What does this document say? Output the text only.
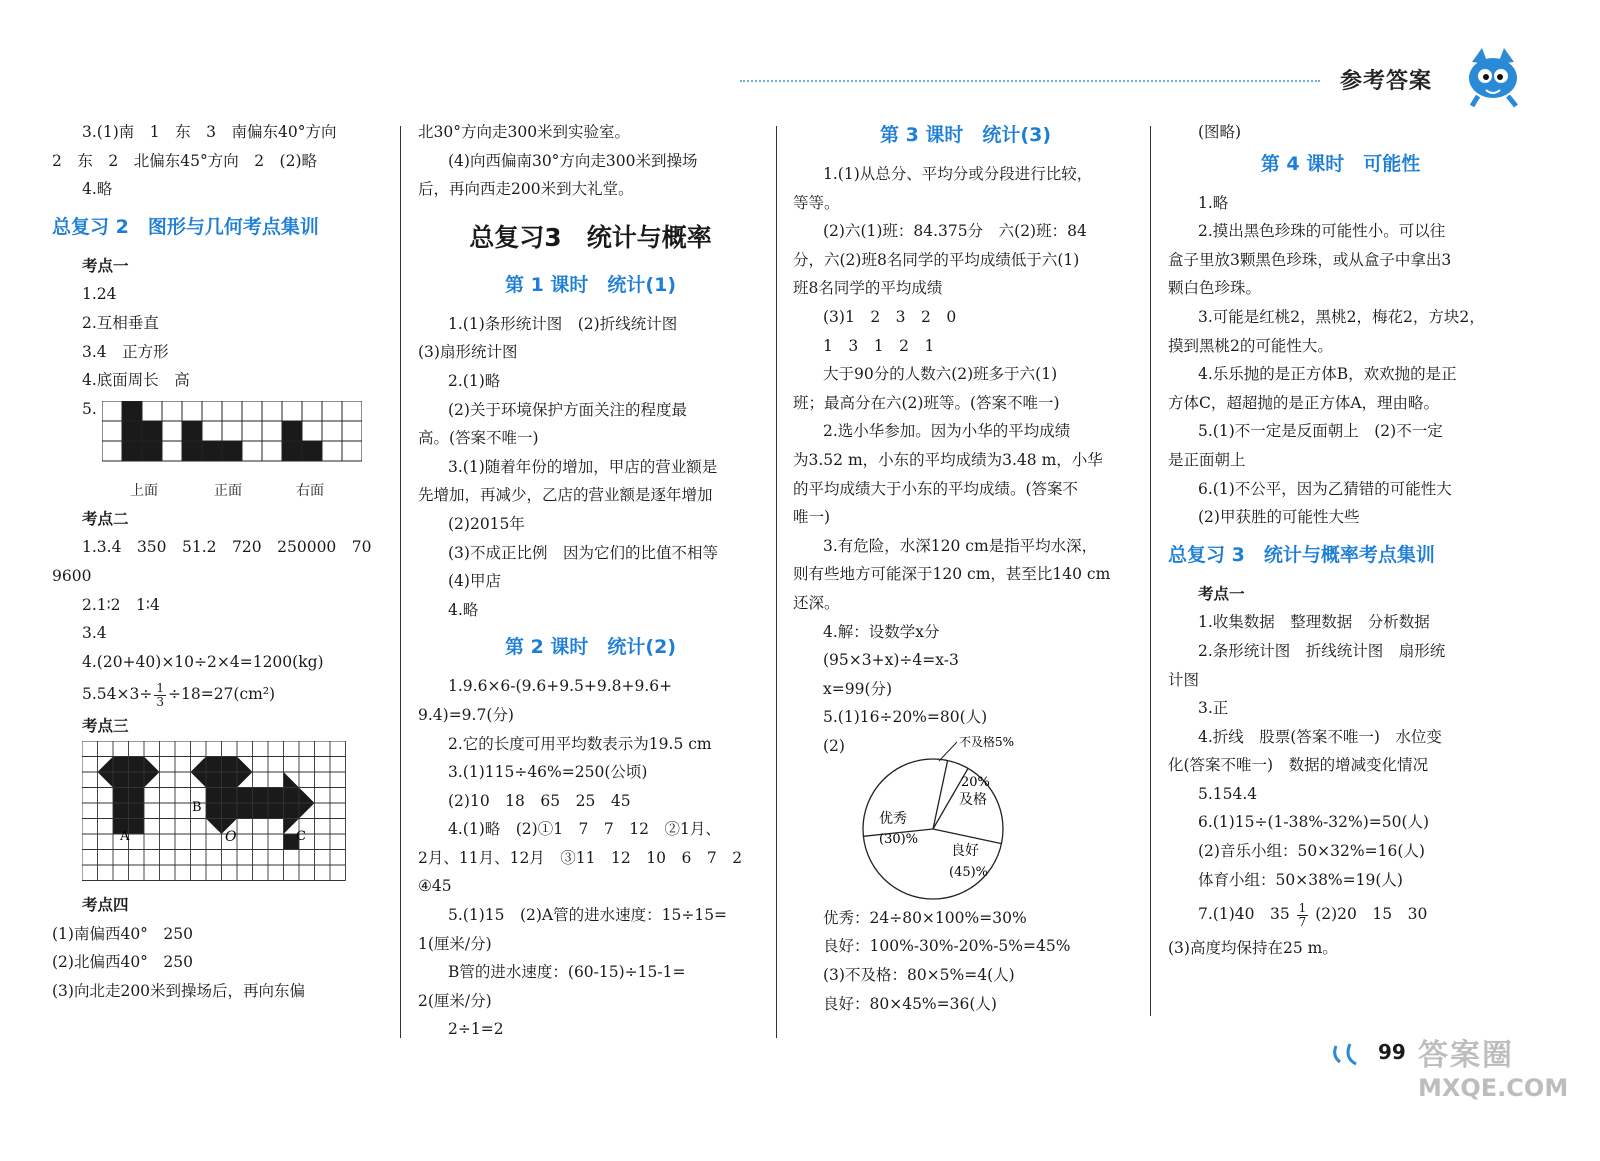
参考答案
3.(1)南　1　东　3　南偏东40°方向
2　东　2　北偏东45°方向　2　(2)略
4.略
总复习 2　图形与几何考点集训
考点一
1.24
2.互相垂直
3.4　正方形
4.底面周长　高
5.
上面	正面	右面
考点二
1.3.4　350　51.2　720　250000　70
9600
2.1∶2　1∶4
3.4
4.(20+40)×10÷2×4=1200(kg)
$5.54\times 3\div \frac{1}{3} \div 18=27(cm^2)$
考点三
A
B
O	C
考点四
(1)南偏西40°　250
(2)北偏西40°　250
(3)向北走200米到操场后，再向东偏
北30°方向走300米到实验室。
(4)向西偏南30°方向走300米到操场
后，再向西走200米到大礼堂。
总复习3　统计与概率
第 1 课时　统计(1)
1.(1)条形统计图　(2)折线统计图
(3)扇形统计图
2.(1)略
(2)关于环境保护方面关注的程度最
高。(答案不唯一)
3.(1)随着年份的增加，甲店的营业额是
先增加，再减少，乙店的营业额是逐年增加
(2)2015年
(3)不成正比例　因为它们的比值不相等
(4)甲店
4.略
第 2 课时　统计(2)
1.9.6×6-(9.6+9.5+9.8+9.6+
9.4)=9.7(分)
2.它的长度可用平均数表示为19.5 cm
3.(1)115÷46%=250(公顷)
(2)10　18　65　25　45
4.(1)略　(2)①1　7　7　12　②1月、
2月、11月、12月　③11　12　10　6　7　2
④45
5.(1)15　(2)A管的进水速度：15÷15=
1(厘米/分)
B管的进水速度：(60-15)÷15-1=
2(厘米/分)
2÷1=2
第 3 课时　统计(3)
1.(1)从总分、平均分或分段进行比较，
等等。
(2)六(1)班：84.375分　六(2)班：84
分，六(2)班8名同学的平均成绩低于六(1)
班8名同学的平均成绩
(3)1　2　3　2　0
1　3　1　2　1
大于90分的人数六(2)班多于六(1)
班；最高分在六(2)班等。(答案不唯一)
2.选小华参加。因为小华的平均成绩
为3.52 m，小东的平均成绩为3.48 m，小华
的平均成绩大于小东的平均成绩。(答案不
唯一)
3.有危险，水深120 cm是指平均水深，
则有些地方可能深于120 cm，甚至比140 cm
还深。
4.解：设数学x分
(95×3+x)÷4=x-3
x=99(分)
5.(1)16÷20%=80(人)
(2)	不及格5%
20%
及格
良好
(45)%
优秀
(30)%
优秀：24÷80×100%=30%
良好：100%-30%-20%-5%=45%
(3)不及格：80×5%=4(人)
良好：80×45%=36(人)
(图略)
第 4 课时　可能性
1.略
2.摸出黑色珍珠的可能性小。可以往
盒子里放3颗黑色珍珠，或从盒子中拿出3
颗白色珍珠。
3.可能是红桃2，黑桃2，梅花2，方块2，
摸到黑桃2的可能性大。
4.乐乐抛的是正方体B，欢欢抛的是正
方体C，超超抛的是正方体A，理由略。
5.(1)不一定是反面朝上　(2)不一定
是正面朝上
6.(1)不公平，因为乙猜错的可能性大
(2)甲获胜的可能性大些
总复习 3　统计与概率考点集训
考点一
1.收集数据　整理数据　分析数据
2.条形统计图　折线统计图　扇形统
计图
3.正
4.折线　股票(答案不唯一)　水位变
化(答案不唯一)　数据的增减变化情况
5.154.4
6.(1)15÷(1-38%-32%)=50(人)
(2)音乐小组：50×32%=16(人)
体育小组：50×38%=19(人)
7.(1)40　$35 \frac{1}{7} (2)20$　15　30
(3)高度均保持在25 m。
99 答案圈
MXQE.COM
